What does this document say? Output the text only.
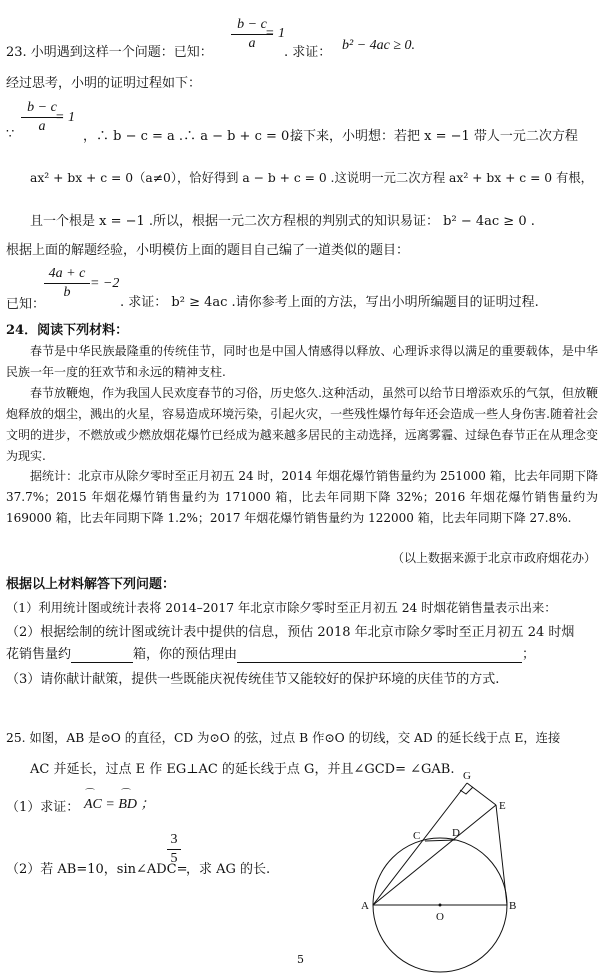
b − c
a
= 1
23. 小明遇到这样一个问题：已知：	. 求证： b² − 4ac ≥ 0.
经过思考，小明的证明过程如下：
b − c
a
= 1
∵	，∴ b − c = a .∴ a − b + c = 0 .
接下来，小明想：若把 x = −1 带人一元二次方程
ax² + bx + c = 0（a≠0），恰好得到 a − b + c = 0 .这说明一元二次方程 ax² + bx + c = 0 有根，
且一个根是 x = −1 .所以，根据一元二次方程根的判别式的知识易证： b² − 4ac ≥ 0 .
根据上面的解题经验，小明模仿上面的题目自己编了一道类似的题目：
4a + c
b
= −2
已知：	. 求证： b² ≥ 4ac .请你参考上面的方法，写出小明所编题目的证明过程.
24．阅读下列材料：
春节是中华民族最隆重的传统佳节，同时也是中国人情感得以释放、心理诉求得以满足的重要载体，是中华民族一年一度的狂欢节和永远的精神支柱.
春节放鞭炮，作为我国人民欢度春节的习俗，历史悠久.这种活动，虽然可以给节日增添欢乐的气氛，但放鞭炮释放的烟尘，溅出的火星，容易造成环境污染，引起火灾，一些残性爆竹每年还会造成一些人身伤害.随着社会文明的进步，不燃放或少燃放烟花爆竹已经成为越来越多居民的主动选择，远离雾霾、过绿色春节正在从理念变为现实.
据统计：北京市从除夕零时至正月初五 24 时，2014 年烟花爆竹销售量约为 251000 箱，比去年同期下降 37.7%；2015 年烟花爆竹销售量约为 171000 箱，比去年同期下降 32%；2016 年烟花爆竹销售量约为 169000 箱，比去年同期下降 1.2%；2017 年烟花爆竹销售量约为 122000 箱，比去年同期下降 27.8%.
（以上数据来源于北京市政府烟花办）
根据以上材料解答下列问题：
（1）利用统计图或统计表将 2014–2017 年北京市除夕零时至正月初五 24 时烟花销售量表示出来：
（2）根据绘制的统计图或统计表中提供的信息，预估 2018 年北京市除夕零时至正月初五 24 时烟
花销售量约	箱，你的预估理由	；
（3）请你献计献策，提供一些既能庆祝传统佳节又能较好的保护环境的庆佳节的方式.
25. 如图，AB 是⊙O 的直径，CD 为⊙O 的弦，过点 B 作⊙O 的切线，交 AD 的延长线于点 E，连接
AC 并延长，过点 E 作 EG⊥AC 的延长线于点 G，并且∠GCD= ∠GAB.
（1）求证： AC = BD ；
⌒	⌒
（2）若 AB=10，sin∠ADC=
3
5
，求 AG 的长.
G
E
C	D
A
O
B
5
